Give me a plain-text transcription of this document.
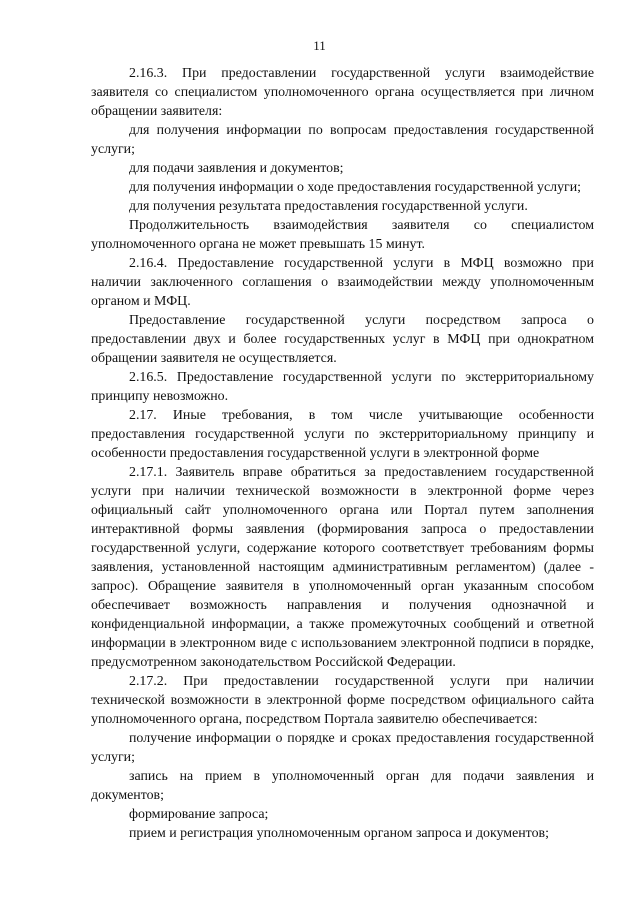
11

2.16.3. При предоставлении государственной услуги взаимодействие заявителя со специалистом уполномоченного органа осуществляется при личном обращении заявителя:

для получения информации по вопросам предоставления государственной услуги;

для подачи заявления и документов;

для получения информации о ходе предоставления государственной услуги;

для получения результата предоставления государственной услуги.

Продолжительность взаимодействия заявителя со специалистом уполномоченного органа не может превышать 15 минут.

2.16.4. Предоставление государственной услуги в МФЦ возможно при наличии заключенного соглашения о взаимодействии между уполномоченным органом и МФЦ.

Предоставление государственной услуги посредством запроса о предоставлении двух и более государственных услуг в МФЦ при однократном обращении заявителя не осуществляется.

2.16.5. Предоставление государственной услуги по экстерриториальному принципу невозможно.

2.17. Иные требования, в том числе учитывающие особенности предоставления государственной услуги по экстерриториальному принципу и особенности предоставления государственной услуги в электронной форме

2.17.1. Заявитель вправе обратиться за предоставлением государственной услуги при наличии технической возможности в электронной форме через официальный сайт уполномоченного органа или Портал путем заполнения интерактивной формы заявления (формирования запроса о предоставлении государственной услуги, содержание которого соответствует требованиям формы заявления, установленной настоящим административным регламентом) (далее - запрос). Обращение заявителя в уполномоченный орган указанным способом обеспечивает возможность направления и получения однозначной и конфиденциальной информации, а также промежуточных сообщений и ответной информации в электронном виде с использованием электронной подписи в порядке, предусмотренном законодательством Российской Федерации.

2.17.2. При предоставлении государственной услуги при наличии технической возможности в электронной форме посредством официального сайта уполномоченного органа, посредством Портала заявителю обеспечивается:

получение информации о порядке и сроках предоставления государственной услуги;

запись на прием в уполномоченный орган для подачи заявления и документов;

формирование запроса;

прием и регистрация уполномоченным органом запроса и документов;
